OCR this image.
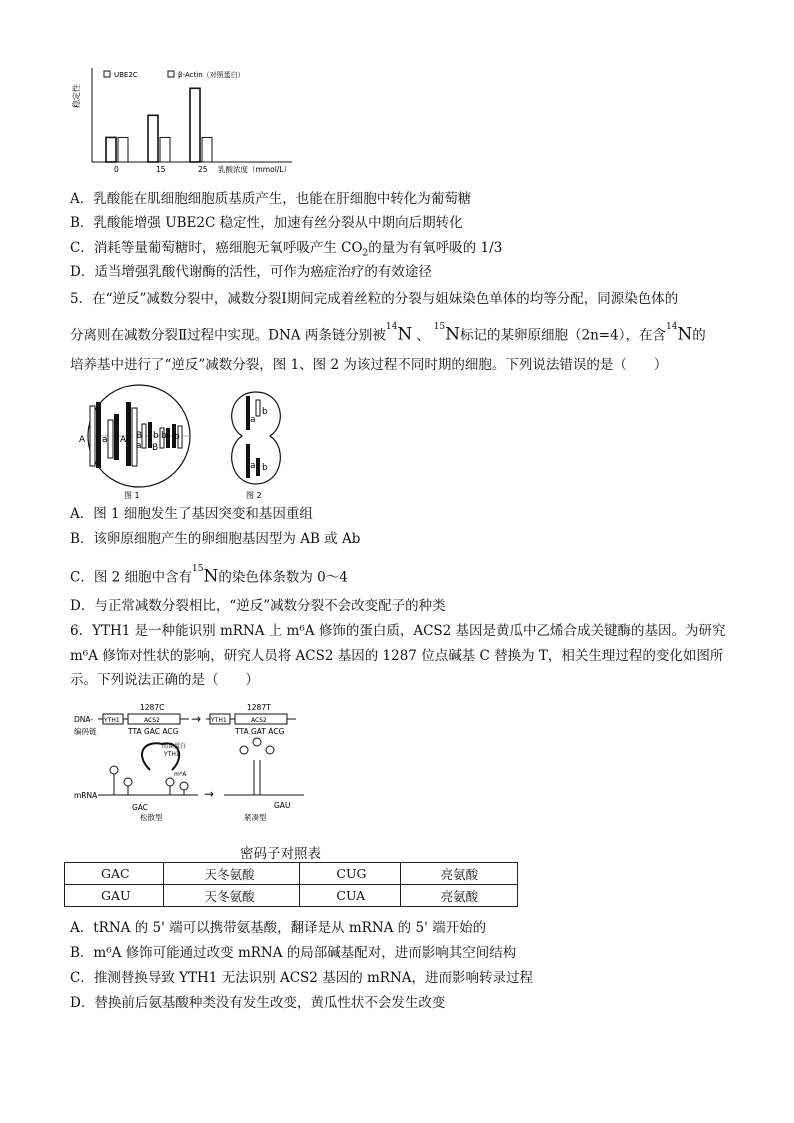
稳定性
UBE2C	β-Actin（对照蛋白）
0	15	25 乳酸浓度（mmol/L）
A．乳酸能在肌细胞细胞质基质产生，也能在肝细胞中转化为葡萄糖
B．乳酸能增强 UBE2C 稳定性，加速有丝分裂从中期向后期转化
C．消耗等量葡萄糖时，癌细胞无氧呼吸产生 $CO_2$的量为有氧呼吸的 1/3
D．适当增强乳酸代谢酶的活性，可作为癌症治疗的有效途径
5．在“逆反”减数分裂中，减数分裂Ⅰ期间完成着丝粒的分裂与姐妹染色单体的均等分配，同源染色体的
分离则在减数分裂Ⅱ过程中实现。DNA 两条链分别被$^{14}$N 、$^{15}$N标记的某卵原细胞（2n=4），在含$^{14}$N的
培养基中进行了“逆反”减数分裂，图 1、图 2 为该过程不同时期的细胞。下列说法错误的是（　　）
A a A B
a
b b
B
b
图 1
a
b
a b
图 2
A．图 1 细胞发生了基因突变和基因重组
B．该卵原细胞产生的卵细胞基因型为 AB 或 Ab
C．图 2 细胞中含有$^{15}$N的染色体条数为 0～4
D．与正常减数分裂相比，“逆反”减数分裂不会改变配子的种类
6．YTH1 是一种能识别 mRNA 上 m⁶A 修饰的蛋白质，ACS2 基因是黄瓜中乙烯合成关键酶的基因。为研究
m⁶A 修饰对性状的影响，研究人员将 ACS2 基因的 1287 位点碱基 C 替换为 T，相关生理过程的变化如图所
示。下列说法正确的是（　　）
DNA-
编码链
YTH1	ACS2
1287C
TTA GAC ACG
→ YTH1	ACS2
1287T
TTA GAT ACG
mRNA
阅读蛋白
YTH1
m⁶A
GAC
松散型
→
GAU
紧凑型
密码子对照表
GAC	天冬氨酸	CUG	亮氨酸
GAU	天冬氨酸	CUA	亮氨酸
A．tRNA 的 5' 端可以携带氨基酸，翻译是从 mRNA 的 5' 端开始的
B．m⁶A 修饰可能通过改变 mRNA 的局部碱基配对，进而影响其空间结构
C．推测替换导致 YTH1 无法识别 ACS2 基因的 mRNA，进而影响转录过程
D．替换前后氨基酸种类没有发生改变，黄瓜性状不会发生改变
